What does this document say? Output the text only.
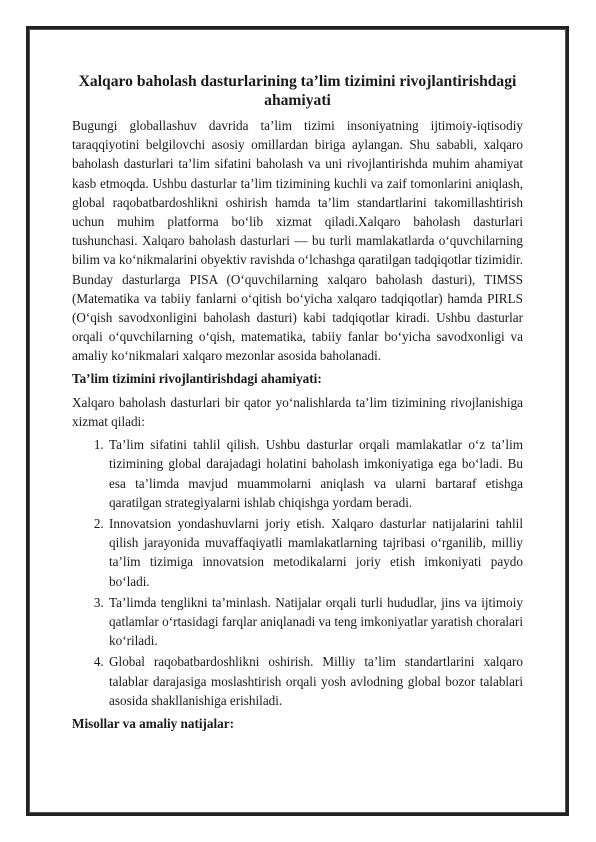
Xalqaro baholash dasturlarining ta’lim tizimini rivojlantirishdagi ahamiyati

Bugungi globallashuv davrida ta’lim tizimi insoniyatning ijtimoiy-iqtisodiy taraqqiyotini belgilovchi asosiy omillardan biriga aylangan. Shu sababli, xalqaro baholash dasturlari ta’lim sifatini baholash va uni rivojlantirishda muhim ahamiyat kasb etmoqda. Ushbu dasturlar ta’lim tizimining kuchli va zaif tomonlarini aniqlash, global raqobatbardoshlikni oshirish hamda ta’lim standartlarini takomillashtirish uchun muhim platforma bo‘lib xizmat qiladi.Xalqaro baholash dasturlari tushunchasi. Xalqaro baholash dasturlari — bu turli mamlakatlarda o‘quvchilarning bilim va ko‘nikmalarini obyektiv ravishda o‘lchashga qaratilgan tadqiqotlar tizimidir. Bunday dasturlarga PISA (O‘quvchilarning xalqaro baholash dasturi), TIMSS (Matematika va tabiiy fanlarni o‘qitish bo‘yicha xalqaro tadqiqotlar) hamda PIRLS (O‘qish savodxonligini baholash dasturi) kabi tadqiqotlar kiradi. Ushbu dasturlar orqali o‘quvchilarning o‘qish, matematika, tabiiy fanlar bo‘yicha savodxonligi va amaliy ko‘nikmalari xalqaro mezonlar asosida baholanadi.

Ta’lim tizimini rivojlantirishdagi ahamiyati:

Xalqaro baholash dasturlari bir qator yo‘nalishlarda ta’lim tizimining rivojlanishiga xizmat qiladi:

1. Ta’lim sifatini tahlil qilish. Ushbu dasturlar orqali mamlakatlar o‘z ta’lim tizimining global darajadagi holatini baholash imkoniyatiga ega bo‘ladi. Bu esa ta’limda mavjud muammolarni aniqlash va ularni bartaraf etishga qaratilgan strategiyalarni ishlab chiqishga yordam beradi.
2. Innovatsion yondashuvlarni joriy etish. Xalqaro dasturlar natijalarini tahlil qilish jarayonida muvaffaqiyatli mamlakatlarning tajribasi o‘rganilib, milliy ta’lim tizimiga innovatsion metodikalarni joriy etish imkoniyati paydo bo‘ladi.
3. Ta’limda tenglikni ta’minlash. Natijalar orqali turli hududlar, jins va ijtimoiy qatlamlar o‘rtasidagi farqlar aniqlanadi va teng imkoniyatlar yaratish choralari ko‘riladi.
4. Global raqobatbardoshlikni oshirish. Milliy ta’lim standartlarini xalqaro talablar darajasiga moslashtirish orqali yosh avlodning global bozor talablari asosida shakllanishiga erishiladi.

Misollar va amaliy natijalar:
